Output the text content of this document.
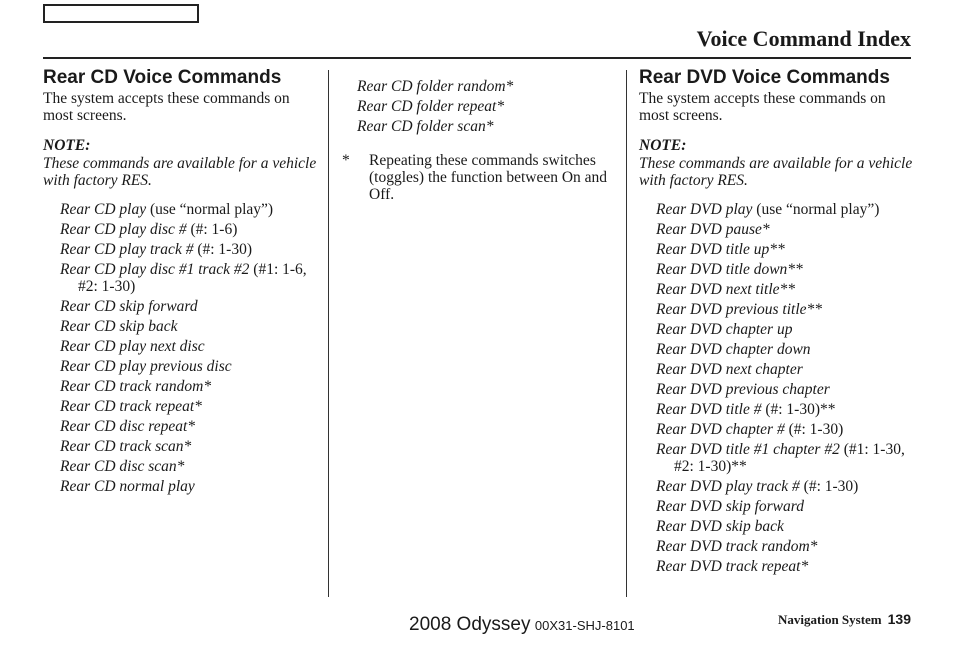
Voice Command Index
Rear CD Voice Commands

The system accepts these commands on most screens.

NOTE:
These commands are available for a vehicle with factory RES.
Rear CD play (use “normal play”)
Rear CD play disc # (#: 1-6)
Rear CD play track # (#: 1-30)
Rear CD play disc #1 track #2 (#1: 1-6, #2: 1-30)
Rear CD skip forward
Rear CD skip back
Rear CD play next disc
Rear CD play previous disc
Rear CD track random*
Rear CD track repeat*
Rear CD disc repeat*
Rear CD track scan*
Rear CD disc scan*
Rear CD normal play
Rear CD folder random*
Rear CD folder repeat*
Rear CD folder scan*
*	Repeating these commands switches (toggles) the function between On and Off.
Rear DVD Voice Commands

The system accepts these commands on most screens.

NOTE:
These commands are available for a vehicle with factory RES.
Rear DVD play (use “normal play”)
Rear DVD pause*
Rear DVD title up**
Rear DVD title down**
Rear DVD next title**
Rear DVD previous title**
Rear DVD chapter up
Rear DVD chapter down
Rear DVD next chapter
Rear DVD previous chapter
Rear DVD title # (#: 1-30)**
Rear DVD chapter # (#: 1-30)
Rear DVD title #1 chapter #2 (#1: 1-30, #2: 1-30)**
Rear DVD play track # (#: 1-30)
Rear DVD skip forward
Rear DVD skip back
Rear DVD track random*
Rear DVD track repeat*
2008 Odyssey 00X31-SHJ-8101	Navigation System 139
